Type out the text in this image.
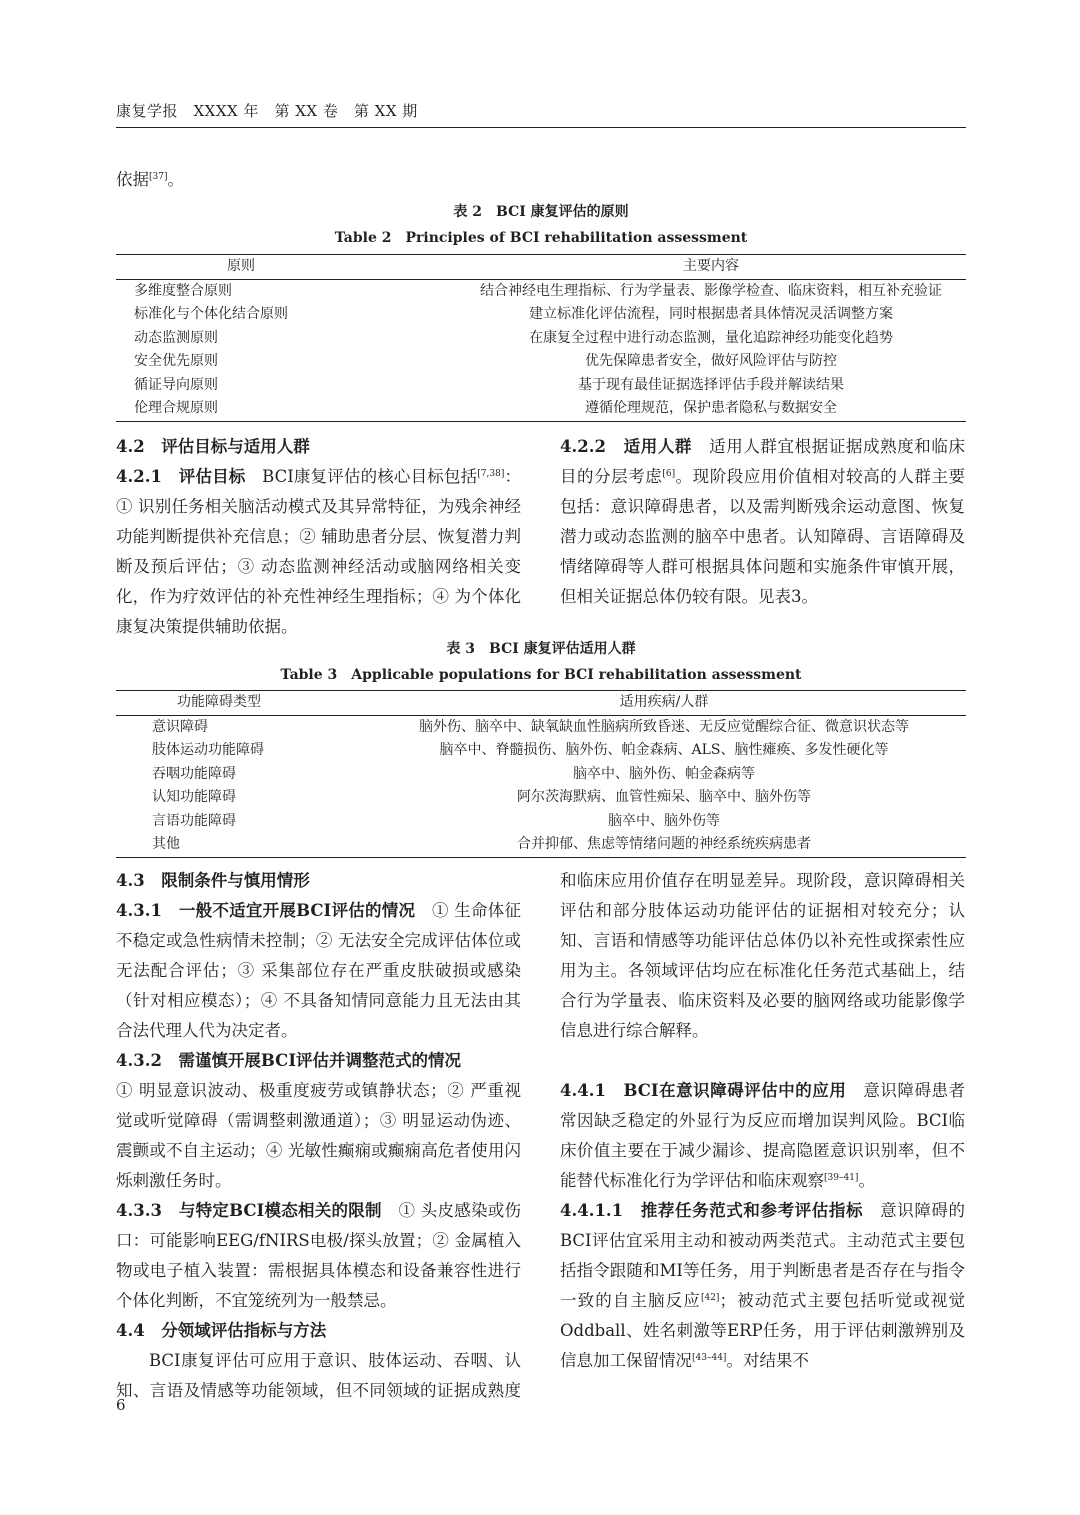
康复学报　XXXX 年　第 XX 卷　第 XX 期
依据[37]。
表 2　BCI 康复评估的原则
Table 2　Principles of BCI rehabilitation assessment
原则	主要内容
多维度整合原则	结合神经电生理指标、行为学量表、影像学检查、临床资料，相互补充验证
标准化与个体化结合原则	建立标准化评估流程，同时根据患者具体情况灵活调整方案
动态监测原则	在康复全过程中进行动态监测，量化追踪神经功能变化趋势
安全优先原则	优先保障患者安全，做好风险评估与防控
循证导向原则	基于现有最佳证据选择评估手段并解读结果
伦理合规原则	遵循伦理规范，保护患者隐私与数据安全

4.2　评估目标与适用人群

4.2.1　评估目标　BCI康复评估的核心目标包括[7,38]：① 识别任务相关脑活动模式及其异常特征，为残余神经功能判断提供补充信息；② 辅助患者分层、恢复潜力判断及预后评估；③ 动态监测神经活动或脑网络相关变化，作为疗效评估的补充性神经生理指标；④ 为个体化康复决策提供辅助依据。

4.2.2　适用人群　适用人群宜根据证据成熟度和临床目的分层考虑[6]。现阶段应用价值相对较高的人群主要包括：意识障碍患者，以及需判断残余运动意图、恢复潜力或动态监测的脑卒中患者。认知障碍、言语障碍及情绪障碍等人群可根据具体问题和实施条件审慎开展，但相关证据总体仍较有限。见表3。

表 3　BCI 康复评估适用人群
Table 3　Applicable populations for BCI rehabilitation assessment
功能障碍类型	适用疾病/人群
意识障碍	脑外伤、脑卒中、缺氧缺血性脑病所致昏迷、无反应觉醒综合征、微意识状态等
肢体运动功能障碍	脑卒中、脊髓损伤、脑外伤、帕金森病、ALS、脑性瘫痪、多发性硬化等
吞咽功能障碍	脑卒中、脑外伤、帕金森病等
认知功能障碍	阿尔茨海默病、血管性痴呆、脑卒中、脑外伤等
言语功能障碍	脑卒中、脑外伤等
其他	合并抑郁、焦虑等情绪问题的神经系统疾病患者

4.3　限制条件与慎用情形

4.3.1　一般不适宜开展BCI评估的情况　① 生命体征不稳定或急性病情未控制；② 无法安全完成评估体位或无法配合评估；③ 采集部位存在严重皮肤破损或感染（针对相应模态）；④ 不具备知情同意能力且无法由其合法代理人代为决定者。

4.3.2　需谨慎开展BCI评估并调整范式的情况

① 明显意识波动、极重度疲劳或镇静状态；② 严重视觉或听觉障碍（需调整刺激通道）；③ 明显运动伪迹、震颤或不自主运动；④ 光敏性癫痫或癫痫高危者使用闪烁刺激任务时。

4.3.3　与特定BCI模态相关的限制　① 头皮感染或伤口：可能影响EEG/fNIRS电极/探头放置；② 金属植入物或电子植入装置：需根据具体模态和设备兼容性进行个体化判断，不宜笼统列为一般禁忌。

4.4　分领域评估指标与方法

BCI康复评估可应用于意识、肢体运动、吞咽、认知、言语及情感等功能领域，但不同领域的证据成熟度

和临床应用价值存在明显差异。现阶段，意识障碍相关评估和部分肢体运动功能评估的证据相对较充分；认知、言语和情感等功能评估总体仍以补充性或探索性应用为主。各领域评估均应在标准化任务范式基础上，结合行为学量表、临床资料及必要的脑网络或功能影像学信息进行综合解释。

4.4.1　BCI在意识障碍评估中的应用　意识障碍患者常因缺乏稳定的外显行为反应而增加误判风险。BCI临床价值主要在于减少漏诊、提高隐匿意识识别率，但不能替代标准化行为学评估和临床观察[39–41]。

4.4.1.1　推荐任务范式和参考评估指标　意识障碍的BCI评估宜采用主动和被动两类范式。主动范式主要包括指令跟随和MI等任务，用于判断患者是否存在与指令一致的自主脑反应[42]；被动范式主要包括听觉或视觉Oddball、姓名刺激等ERP任务，用于评估刺激辨别及信息加工保留情况[43–44]。对结果不

6
